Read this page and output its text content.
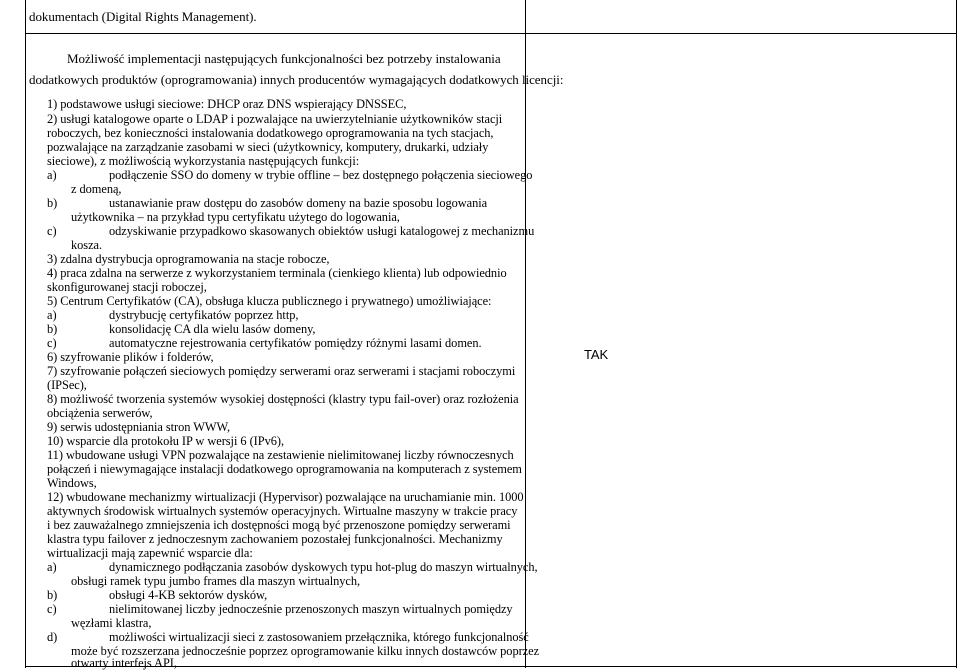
dokumentach (Digital Rights Management).
Możliwość implementacji następujących funkcjonalności bez potrzeby instalowania
dodatkowych produktów (oprogramowania) innych producentów wymagających dodatkowych licencji:
1) podstawowe usługi sieciowe: DHCP oraz DNS wspierający DNSSEC,
2) usługi katalogowe oparte o LDAP i pozwalające na uwierzytelnianie użytkowników stacji
roboczych, bez konieczności instalowania dodatkowego oprogramowania na tych stacjach,
pozwalające na zarządzanie zasobami w sieci (użytkownicy, komputery, drukarki, udziały
sieciowe), z możliwością wykorzystania następujących funkcji:
a)	podłączenie SSO do domeny w trybie offline – bez dostępnego połączenia sieciowego
z domeną,
b)	ustanawianie praw dostępu do zasobów domeny na bazie sposobu logowania
użytkownika – na przykład typu certyfikatu użytego do logowania,
c)	odzyskiwanie przypadkowo skasowanych obiektów usługi katalogowej z mechanizmu
kosza.
3) zdalna dystrybucja oprogramowania na stacje robocze,
4) praca zdalna na serwerze z wykorzystaniem terminala (cienkiego klienta) lub odpowiednio
skonfigurowanej stacji roboczej,
5) Centrum Certyfikatów (CA), obsługa klucza publicznego i prywatnego) umożliwiające:
a)	dystrybucję certyfikatów poprzez http,
b)	konsolidację CA dla wielu lasów domeny,
c)	automatyczne rejestrowania certyfikatów pomiędzy różnymi lasami domen.
6) szyfrowanie plików i folderów,
7) szyfrowanie połączeń sieciowych pomiędzy serwerami oraz serwerami i stacjami roboczymi
(IPSec),
8) możliwość tworzenia systemów wysokiej dostępności (klastry typu fail-over) oraz rozłożenia
obciążenia serwerów,
9) serwis udostępniania stron WWW,
10) wsparcie dla protokołu IP w wersji 6 (IPv6),
11) wbudowane usługi VPN pozwalające na zestawienie nielimitowanej liczby równoczesnych
połączeń i niewymagające instalacji dodatkowego oprogramowania na komputerach z systemem
Windows,
12) wbudowane mechanizmy wirtualizacji (Hypervisor) pozwalające na uruchamianie min. 1000
aktywnych środowisk wirtualnych systemów operacyjnych. Wirtualne maszyny w trakcie pracy
i bez zauważalnego zmniejszenia ich dostępności mogą być przenoszone pomiędzy serwerami
klastra typu failover z jednoczesnym zachowaniem pozostałej funkcjonalności. Mechanizmy
wirtualizacji mają zapewnić wsparcie dla:
a)	dynamicznego podłączania zasobów dyskowych typu hot-plug do maszyn wirtualnych,
obsługi ramek typu jumbo frames dla maszyn wirtualnych,
b)	obsługi 4-KB sektorów dysków,
c)	nielimitowanej liczby jednocześnie przenoszonych maszyn wirtualnych pomiędzy
węzłami klastra,
d)	możliwości wirtualizacji sieci z zastosowaniem przełącznika, którego funkcjonalność
może być rozszerzana jednocześnie poprzez oprogramowanie kilku innych dostawców poprzez
otwarty interfejs API,
TAK
